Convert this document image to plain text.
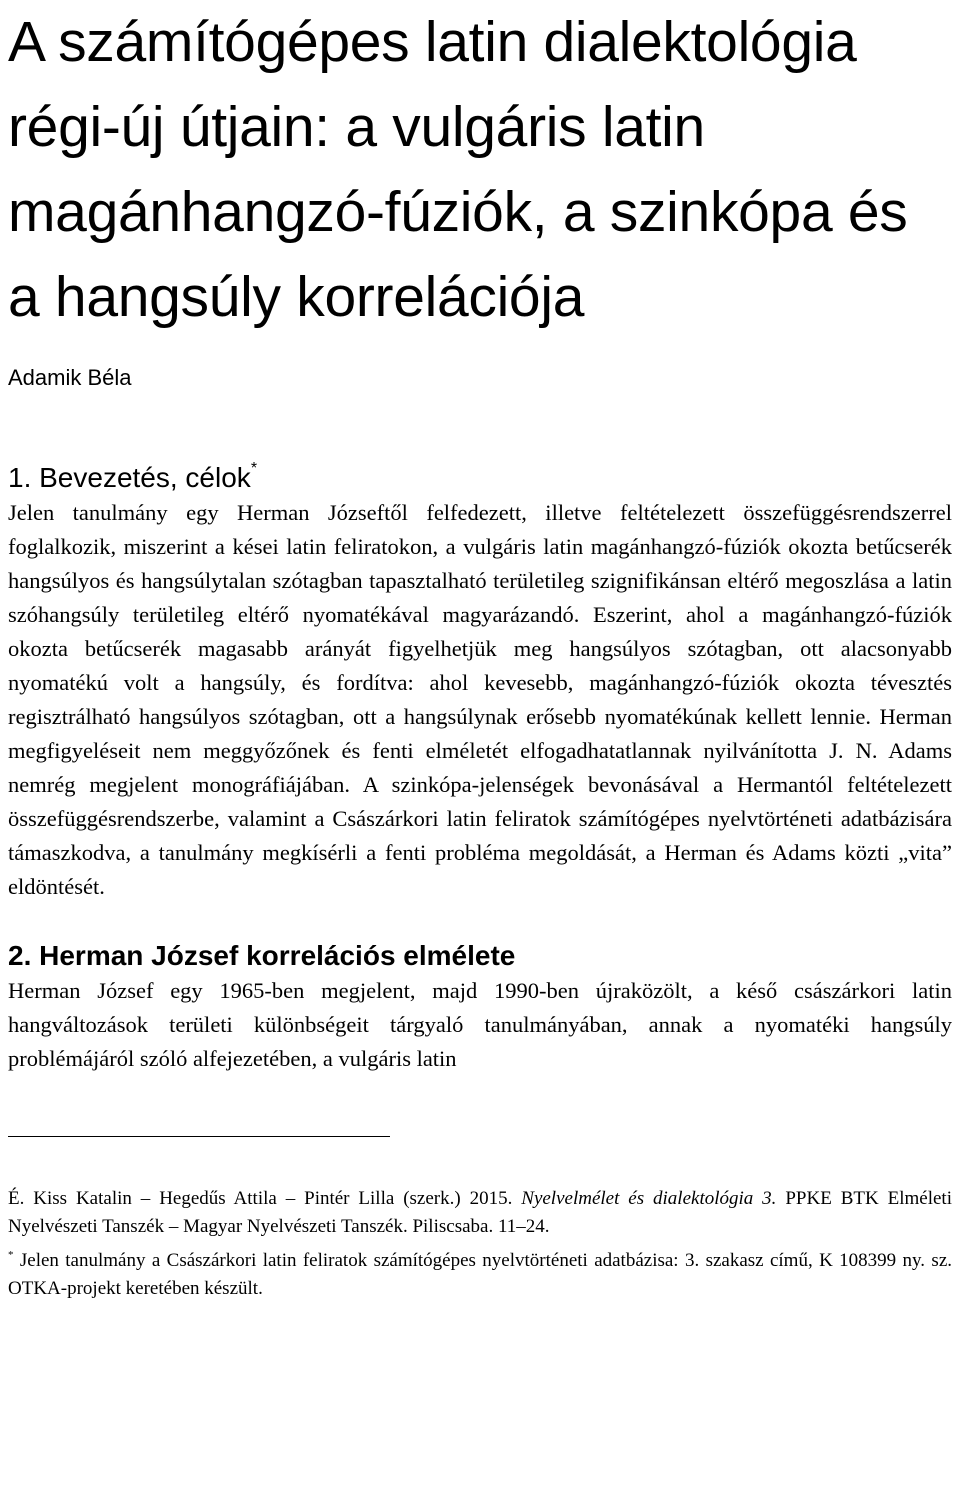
A számítógépes latin dialektológia régi-új útjain: a vulgáris latin magánhangzó-fúziók, a szinkópa és a hangsúly korrelációja
Adamik Béla
1. Bevezetés, célok*

Jelen tanulmány egy Herman Józseftől felfedezett, illetve feltételezett összefüggésrendszerrel foglalkozik, miszerint a kései latin feliratokon, a vulgáris latin magánhangzó-fúziók okozta betűcserék hangsúlyos és hangsúlytalan szótagban tapasztalható területileg szignifikánsan eltérő megoszlása a latin szóhangsúly területileg eltérő nyomatékával magyarázandó. Eszerint, ahol a magánhangzó-fúziók okozta betűcserék magasabb arányát figyelhetjük meg hangsúlyos szótagban, ott alacsonyabb nyomatékú volt a hangsúly, és fordítva: ahol kevesebb, magánhangzó-fúziók okozta tévesztés regisztrálható hangsúlyos szótagban, ott a hangsúlynak erősebb nyomatékúnak kellett lennie. Herman megfigyeléseit nem meggyőzőnek és fenti elméletét elfogadhatatlannak nyilvánította J. N. Adams nemrég megjelent monográfiájában. A szinkópa-jelenségek bevonásával a Hermantól feltételezett összefüggésrendszerbe, valamint a Császárkori latin feliratok számítógépes nyelvtörténeti adatbázisára támaszkodva, a tanulmány megkísérli a fenti probléma megoldását, a Herman és Adams közti „vita” eldöntését.

2. Herman József korrelációs elmélete

Herman József egy 1965-ben megjelent, majd 1990-ben újraközölt, a késő császárkori latin hangváltozások területi különbségeit tárgyaló tanulmányában, annak a nyomatéki hangsúly problémájáról szóló alfejezetében, a vulgáris latin

É. Kiss Katalin – Hegedűs Attila – Pintér Lilla (szerk.) 2015. Nyelvelmélet és dialektológia 3. PPKE BTK Elméleti Nyelvészeti Tanszék – Magyar Nyelvészeti Tanszék. Piliscsaba. 11–24.

* Jelen tanulmány a Császárkori latin feliratok számítógépes nyelvtörténeti adatbázisa: 3. szakasz című, K 108399 ny. sz. OTKA-projekt keretében készült.
